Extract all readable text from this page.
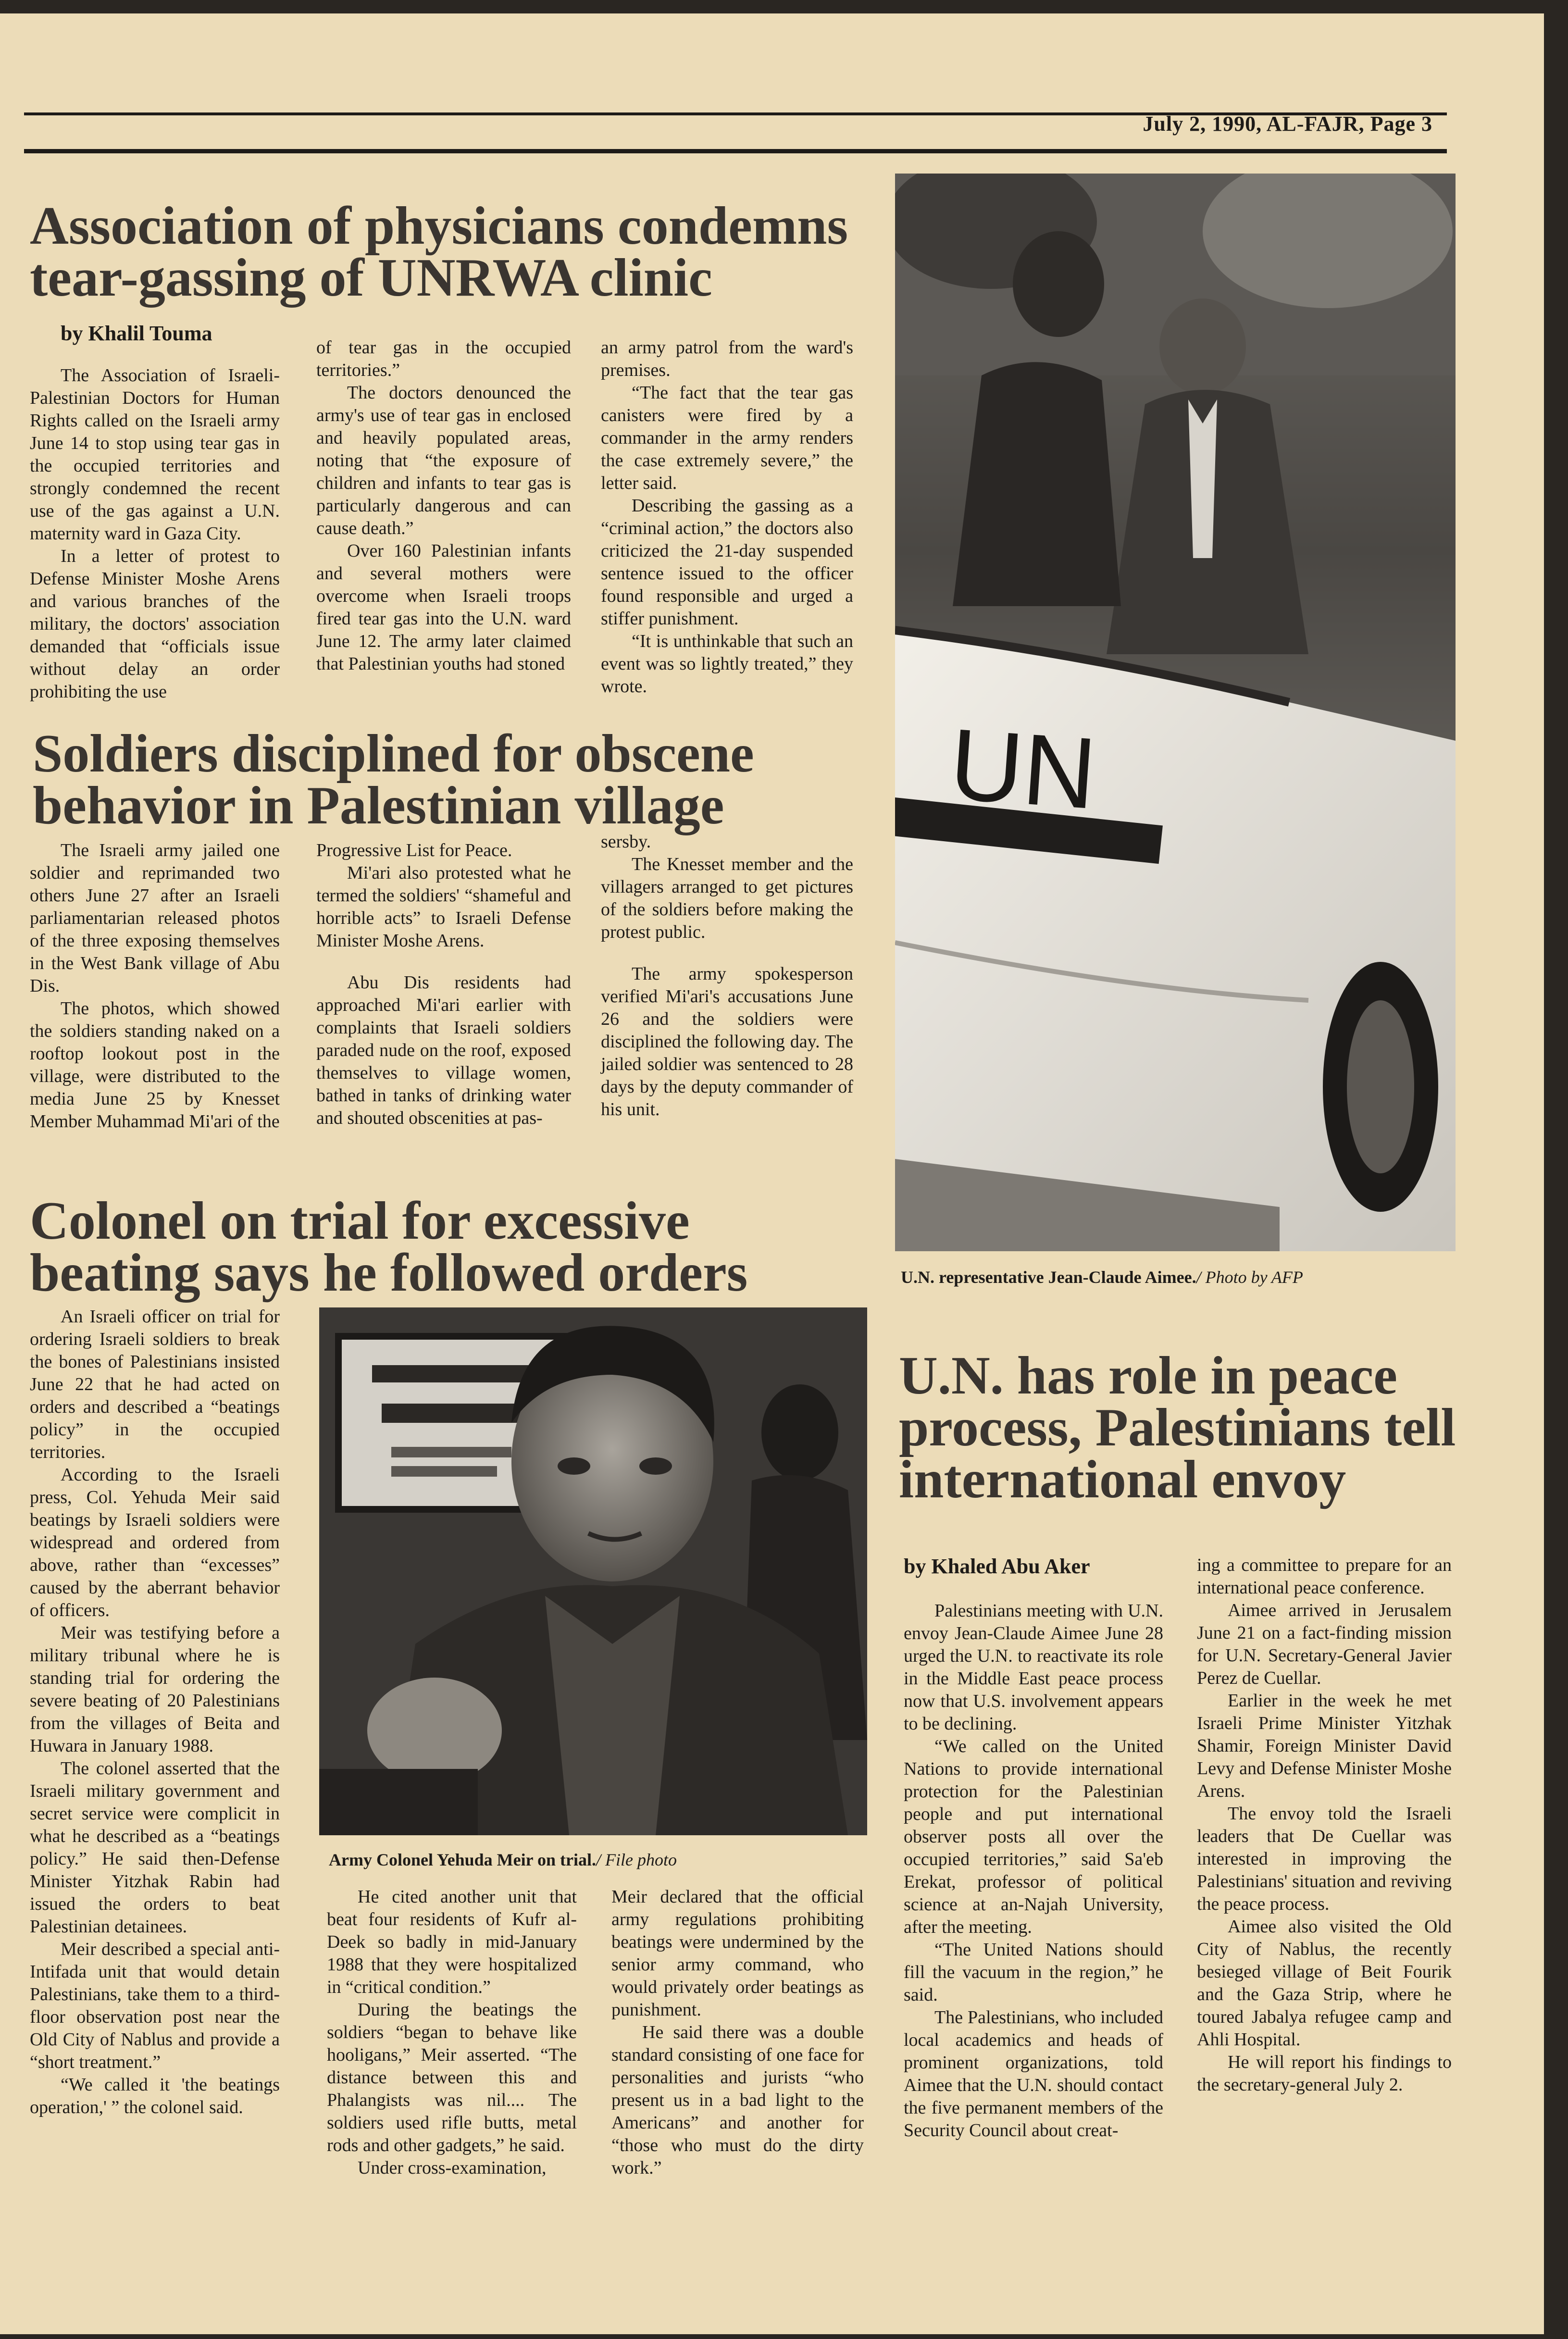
July 2, 1990, AL-FAJR, Page 3
Association of physicians condemns tear-gassing of UNRWA clinic
by Khalil Touma

The Association of Israeli-Palestinian Doctors for Human Rights called on the Israeli army June 14 to stop using tear gas in the occupied territories and strongly condemned the recent use of the gas against a U.N. maternity ward in Gaza City.

In a letter of protest to Defense Minister Moshe Arens and various branches of the military, the doctors' association demanded that “officials issue without delay an order prohibiting the use

of tear gas in the occupied territories.”

The doctors denounced the army's use of tear gas in enclosed and heavily populated areas, noting that “the exposure of children and infants to tear gas is particularly dangerous and can cause death.”

Over 160 Palestinian infants and several mothers were overcome when Israeli troops fired tear gas into the U.N. ward June 12. The army later claimed that Palestinian youths had stoned

an army patrol from the ward's premises.

“The fact that the tear gas canisters were fired by a commander in the army renders the case extremely severe,” the letter said.

Describing the gassing as a “criminal action,” the doctors also criticized the 21-day suspended sentence issued to the officer found responsible and urged a stiffer punishment.

“It is unthinkable that such an event was so lightly treated,” they wrote.

Soldiers disciplined for obscene behavior in Palestinian village

The Israeli army jailed one soldier and reprimanded two others June 27 after an Israeli parliamentarian released photos of the three exposing themselves in the West Bank village of Abu Dis.

The photos, which showed the soldiers standing naked on a rooftop lookout post in the village, were distributed to the media June 25 by Knesset Member Muhammad Mi'ari of the

Progressive List for Peace.

Mi'ari also protested what he termed the soldiers' “shameful and horrible acts” to Israeli Defense Minister Moshe Arens.

Abu Dis residents had approached Mi'ari earlier with complaints that Israeli soldiers paraded nude on the roof, exposed themselves to village women, bathed in tanks of drinking water and shouted obscenities at pas-

sersby.

The Knesset member and the villagers arranged to get pictures of the soldiers before making the protest public.

The army spokesperson verified Mi'ari's accusations June 26 and the soldiers were disciplined the following day. The jailed soldier was sentenced to 28 days by the deputy commander of his unit.

UN
U.N. representative Jean-Claude Aimee./ Photo by AFP
Colonel on trial for excessive beating says he followed orders

An Israeli officer on trial for ordering Israeli soldiers to break the bones of Palestinians insisted June 22 that he had acted on orders and described a “beatings policy” in the occupied territories.

According to the Israeli press, Col. Yehuda Meir said beatings by Israeli soldiers were widespread and ordered from above, rather than “excesses” caused by the aberrant behavior of officers.

Meir was testifying before a military tribunal where he is standing trial for ordering the severe beating of 20 Palestinians from the villages of Beita and Huwara in January 1988.

The colonel asserted that the Israeli military government and secret service were complicit in what he described as a “beatings policy.” He said then-Defense Minister Yitzhak Rabin had issued the orders to beat Palestinian detainees.

Meir described a special anti-Intifada unit that would detain Palestinians, take them to a third-floor observation post near the Old City of Nablus and provide a “short treatment.”

“We called it 'the beatings operation,' ” the colonel said.

Army Colonel Yehuda Meir on trial./ File photo

He cited another unit that beat four residents of Kufr al-Deek so badly in mid-January 1988 that they were hospitalized in “critical condition.”

During the beatings the soldiers “began to behave like hooligans,” Meir asserted. “The distance between this and Phalangists was nil.... The soldiers used rifle butts, metal rods and other gadgets,” he said.

Under cross-examination,

Meir declared that the official army regulations prohibiting beatings were undermined by the senior army command, who would privately order beatings as punishment.

He said there was a double standard consisting of one face for personalities and jurists “who present us in a bad light to the Americans” and another for “those who must do the dirty work.”

U.N. has role in peace process, Palestinians tell international envoy
by Khaled Abu Aker

Palestinians meeting with U.N. envoy Jean-Claude Aimee June 28 urged the U.N. to reactivate its role in the Middle East peace process now that U.S. involvement appears to be declining.

“We called on the United Nations to provide international protection for the Palestinian people and put international observer posts all over the occupied territories,” said Sa'eb Erekat, professor of political science at an-Najah University, after the meeting.

“The United Nations should fill the vacuum in the region,” he said.

The Palestinians, who included local academics and heads of prominent organizations, told Aimee that the U.N. should contact the five permanent members of the Security Council about creat-

ing a committee to prepare for an international peace conference.

Aimee arrived in Jerusalem June 21 on a fact-finding mission for U.N. Secretary-General Javier Perez de Cuellar.

Earlier in the week he met Israeli Prime Minister Yitzhak Shamir, Foreign Minister David Levy and Defense Minister Moshe Arens.

The envoy told the Israeli leaders that De Cuellar was interested in improving the Palestinians' situation and reviving the peace process.

Aimee also visited the Old City of Nablus, the recently besieged village of Beit Fourik and the Gaza Strip, where he toured Jabalya refugee camp and Ahli Hospital.

He will report his findings to the secretary-general July 2.
